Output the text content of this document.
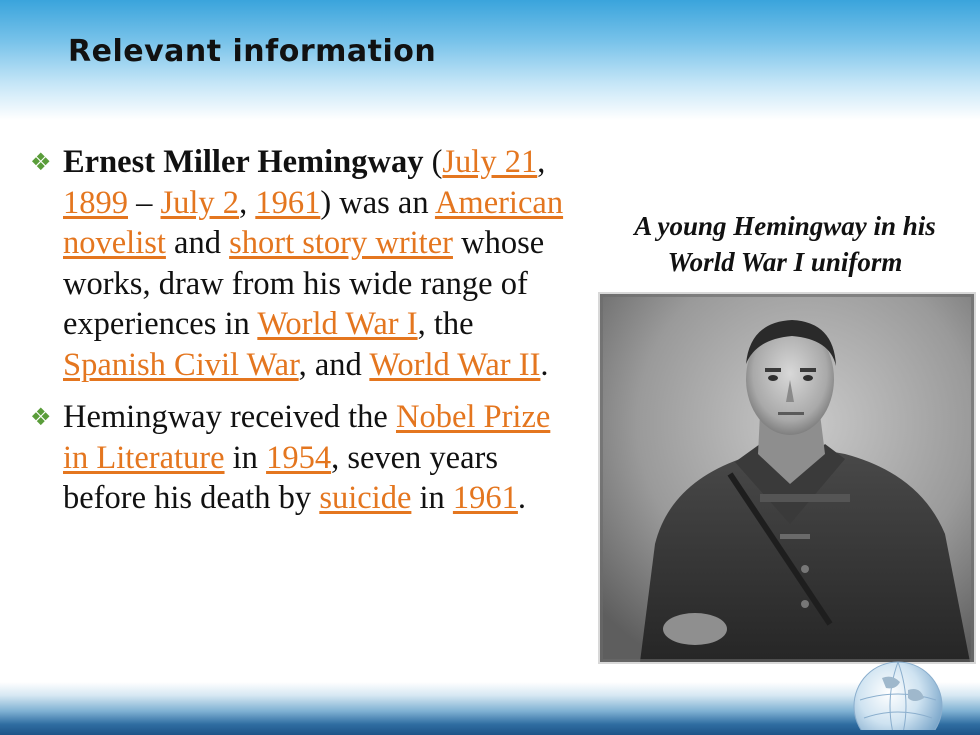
Relevant information
❖ Ernest Miller Hemingway (July 21, 1899 – July 2, 1961) was an American novelist and short story writer whose works, draw from his wide range of experiences in World War I, the Spanish Civil War, and World War II.
❖ Hemingway received the Nobel Prize in Literature in 1954, seven years before his death by suicide in 1961.
A young Hemingway in his World War I uniform
